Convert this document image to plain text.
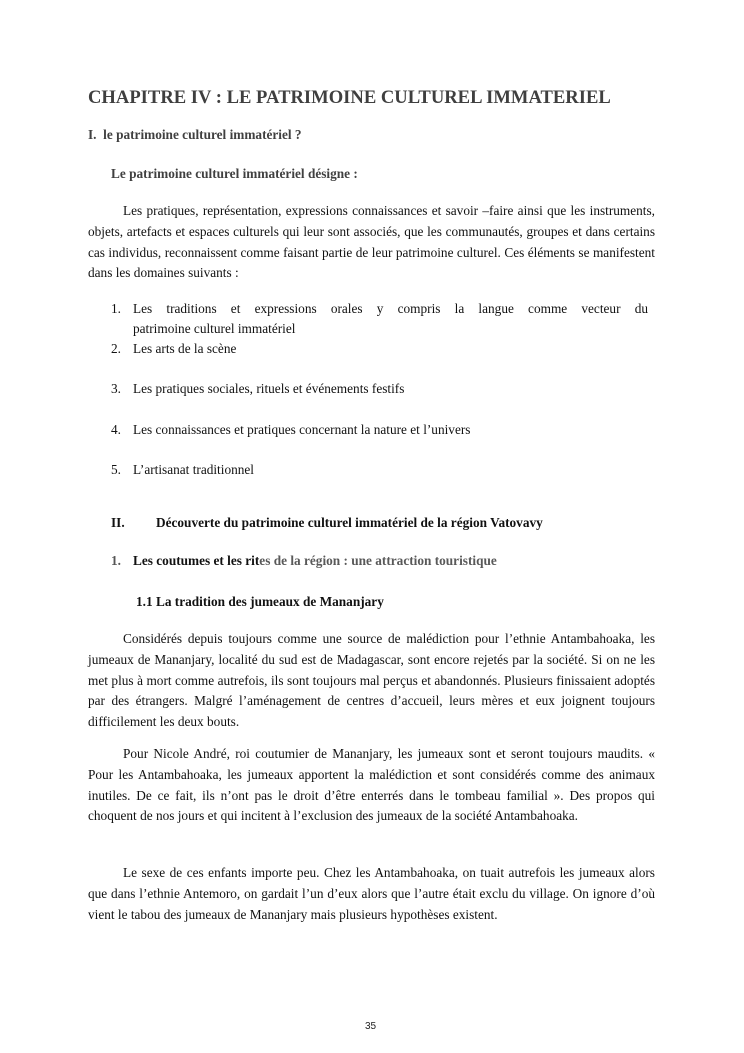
CHAPITRE IV : LE PATRIMOINE CULTUREL IMMATERIEL
I.  le patrimoine culturel immatériel ?
Le patrimoine culturel immatériel désigne :

Les pratiques, représentation, expressions connaissances et savoir –faire ainsi que les instruments, objets, artefacts et espaces culturels qui leur sont associés, que les communautés, groupes et dans certains cas individus, reconnaissent comme faisant partie de leur patrimoine culturel. Ces éléments se manifestent dans les domaines suivants :

1. Les traditions et expressions orales y compris la langue comme vecteur du
patrimoine culturel immatériel
2. Les arts de la scène
3. Les pratiques sociales, rituels et événements festifs
4. Les connaissances et pratiques concernant la nature et l’univers
5. L’artisanat traditionnel
II. Découverte du patrimoine culturel immatériel de la région Vatovavy
1. Les coutumes et les rites de la région : une attraction touristique
1.1 La tradition des jumeaux de Mananjary

Considérés depuis toujours comme une source de malédiction pour l’ethnie Antambahoaka, les jumeaux de Mananjary, localité du sud est de Madagascar, sont encore rejetés par la société. Si on ne les met plus à mort comme autrefois, ils sont toujours mal perçus et abandonnés. Plusieurs finissaient adoptés par des étrangers. Malgré l’aménagement de centres d’accueil, leurs mères et eux joignent toujours difficilement les deux bouts.

Pour Nicole André, roi coutumier de Mananjary, les jumeaux sont et seront toujours maudits. « Pour les Antambahoaka, les jumeaux apportent la malédiction et sont considérés comme des animaux inutiles. De ce fait, ils n’ont pas le droit d’être enterrés dans le tombeau familial ». Des propos qui choquent de nos jours et qui incitent à l’exclusion des jumeaux de la société Antambahoaka.

Le sexe de ces enfants importe peu. Chez les Antambahoaka, on tuait autrefois les jumeaux alors que dans l’ethnie Antemoro, on gardait l’un d’eux alors que l’autre était exclu du village. On ignore d’où vient le tabou des jumeaux de Mananjary mais plusieurs hypothèses existent.

35
